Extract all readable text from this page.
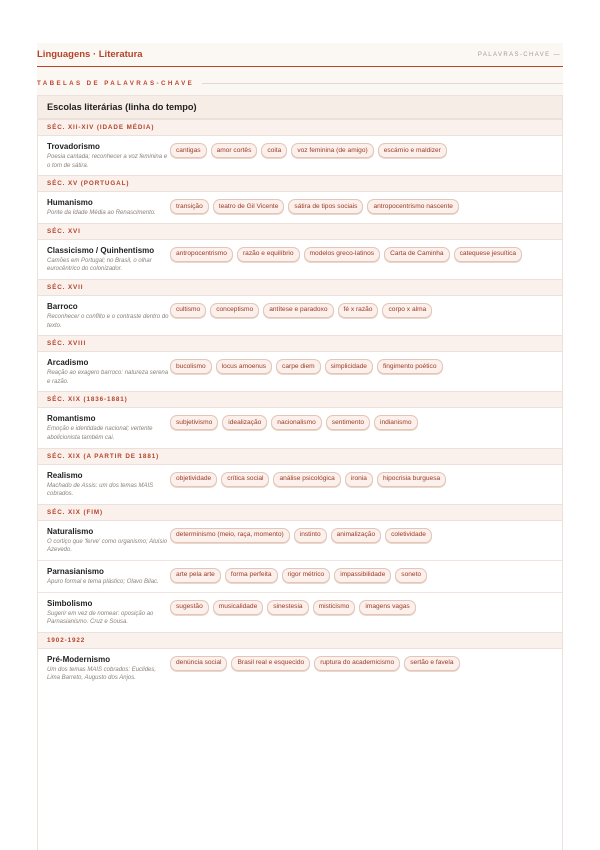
Linguagens · Literatura	PALAVRAS-CHAVE —
TABELAS DE PALAVRAS-CHAVE
Escolas literárias (linha do tempo)
SÉC. XII-XIV (IDADE MÉDIA)
Trovadorismo
Poesia cantada; reconhecer a voz feminina e o tom de sátira.
cantigas	amor cortês	coita	voz feminina (de amigo)	escárnio e maldizer
SÉC. XV (PORTUGAL)
Humanismo
Ponte da Idade Média ao Renascimento.
transição	teatro de Gil Vicente	sátira de tipos sociais	antropocentrismo nascente
SÉC. XVI
Classicismo / Quinhentismo
Camões em Portugal; no Brasil, o olhar eurocêntrico do colonizador.
antropocentrismo	razão e equilíbrio	modelos greco-latinos	Carta de Caminha	catequese jesuítica
SÉC. XVII
Barroco
Reconhecer o conflito e o contraste dentro do texto.
cultismo	conceptismo	antítese e paradoxo	fé x razão	corpo x alma
SÉC. XVIII
Arcadismo
Reação ao exagero barroco: natureza serena e razão.
bucolismo	locus amoenus	carpe diem	simplicidade	fingimento poético
SÉC. XIX (1836-1881)
Romantismo
Emoção e identidade nacional; vertente abolicionista também cai.
subjetivismo	idealização	nacionalismo	sentimento	indianismo
SÉC. XIX (A PARTIR DE 1881)
Realismo
Machado de Assis: um dos temas MAIS cobrados.
objetividade	crítica social	análise psicológica	ironia	hipocrisia burguesa
SÉC. XIX (FIM)
Naturalismo
O cortiço que 'ferve' como organismo; Aluísio Azevedo.
determinismo (meio, raça, momento)	instinto	animalização	coletividade
Parnasianismo
Apuro formal e tema plástico; Olavo Bilac.
arte pela arte	forma perfeita	rigor métrico	impassibilidade	soneto
Simbolismo
Sugerir em vez de nomear: oposição ao Parnasianismo. Cruz e Sousa.
sugestão	musicalidade	sinestesia	misticismo	imagens vagas
1902-1922
Pré-Modernismo
Um dos temas MAIS cobrados: Euclides, Lima Barreto, Augusto dos Anjos.
denúncia social	Brasil real e esquecido	ruptura do academicismo	sertão e favela
